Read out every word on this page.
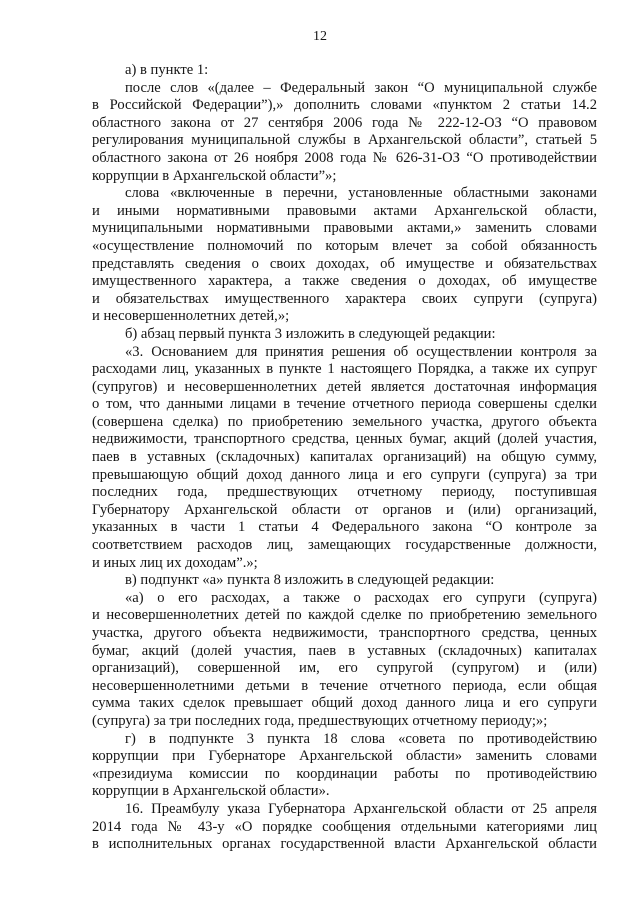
12
а) в пункте 1:
после слов «(далее – Федеральный закон “О муниципальной службе
в Российской Федерации”),» дополнить словами «пунктом 2 статьи 14.2
областного закона от 27 сентября 2006 года № 222-12-ОЗ “О правовом
регулирования муниципальной службы в Архангельской области”, статьей 5
областного закона от 26 ноября 2008 года № 626-31-ОЗ “О противодействии
коррупции в Архангельской области”»;
слова «включенные в перечни, установленные областными законами
и иными нормативными правовыми актами Архангельской области,
муниципальными нормативными правовыми актами,» заменить словами
«осуществление полномочий по которым влечет за собой обязанность
представлять сведения о своих доходах, об имуществе и обязательствах
имущественного характера, а также сведения о доходах, об имуществе
и обязательствах имущественного характера своих супруги (супруга)
и несовершеннолетних детей,»;
б) абзац первый пункта 3 изложить в следующей редакции:
«3. Основанием для принятия решения об осуществлении контроля за
расходами лиц, указанных в пункте 1 настоящего Порядка, а также их супруг
(супругов) и несовершеннолетних детей является достаточная информация
о том, что данными лицами в течение отчетного периода совершены сделки
(совершена сделка) по приобретению земельного участка, другого объекта
недвижимости, транспортного средства, ценных бумаг, акций (долей участия,
паев в уставных (складочных) капиталах организаций) на общую сумму,
превышающую общий доход данного лица и его супруги (супруга) за три
последних года, предшествующих отчетному периоду, поступившая
Губернатору Архангельской области от органов и (или) организаций,
указанных в части 1 статьи 4 Федерального закона “О контроле за
соответствием расходов лиц, замещающих государственные должности,
и иных лиц их доходам”.»;
в) подпункт «а» пункта 8 изложить в следующей редакции:
«а) о его расходах, а также о расходах его супруги (супруга)
и несовершеннолетних детей по каждой сделке по приобретению земельного
участка, другого объекта недвижимости, транспортного средства, ценных
бумаг, акций (долей участия, паев в уставных (складочных) капиталах
организаций), совершенной им, его супругой (супругом) и (или)
несовершеннолетними детьми в течение отчетного периода, если общая
сумма таких сделок превышает общий доход данного лица и его супруги
(супруга) за три последних года, предшествующих отчетному периоду;»;
г) в подпункте 3 пункта 18 слова «совета по противодействию
коррупции при Губернаторе Архангельской области» заменить словами
«президиума комиссии по координации работы по противодействию
коррупции в Архангельской области».
16. Преамбулу указа Губернатора Архангельской области от 25 апреля
2014 года № 43-у «О порядке сообщения отдельными категориями лиц
в исполнительных органах государственной власти Архангельской области
